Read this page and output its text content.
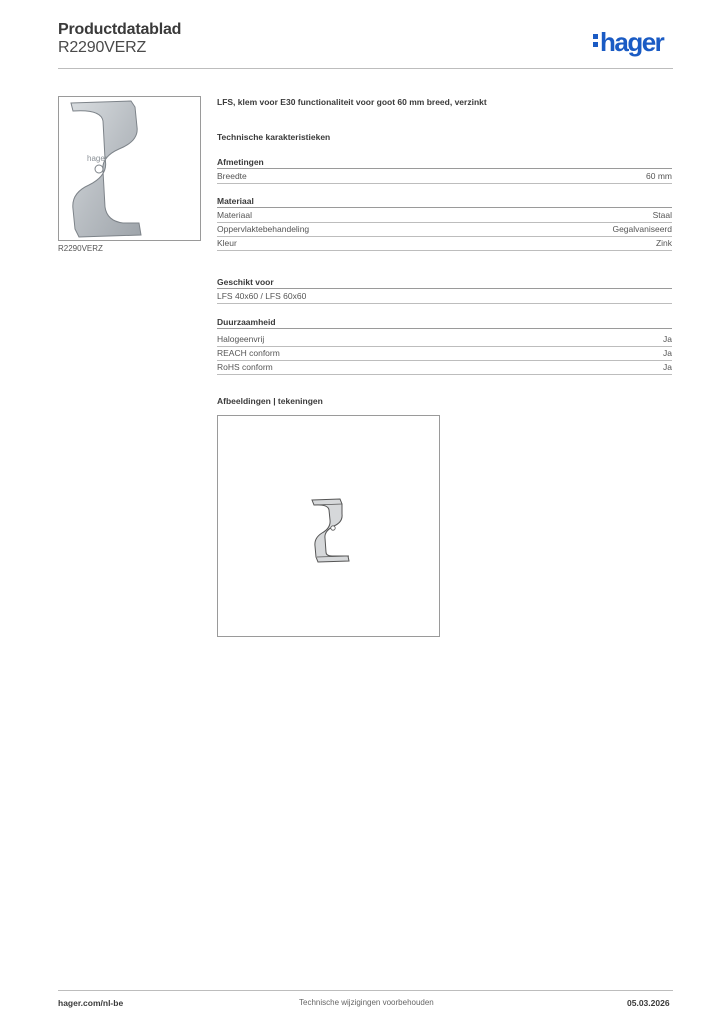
Productdatablad
R2290VERZ	hager
hager
R2290VERZ
LFS, klem voor E30 functionaliteit voor goot 60 mm breed, verzinkt
Technische karakteristieken
Afmetingen
Breedte	60 mm
Materiaal
Materiaal	Staal
Oppervlaktebehandeling	Gegalvaniseerd
Kleur	Zink
Geschikt voor
LFS 40x60 / LFS 60x60
Duurzaamheid
Halogeenvrij	Ja
REACH conform	Ja
RoHS conform	Ja
Afbeeldingen | tekeningen
hager.com/nl-be	Technische wijzigingen voorbehouden	05.03.2026
